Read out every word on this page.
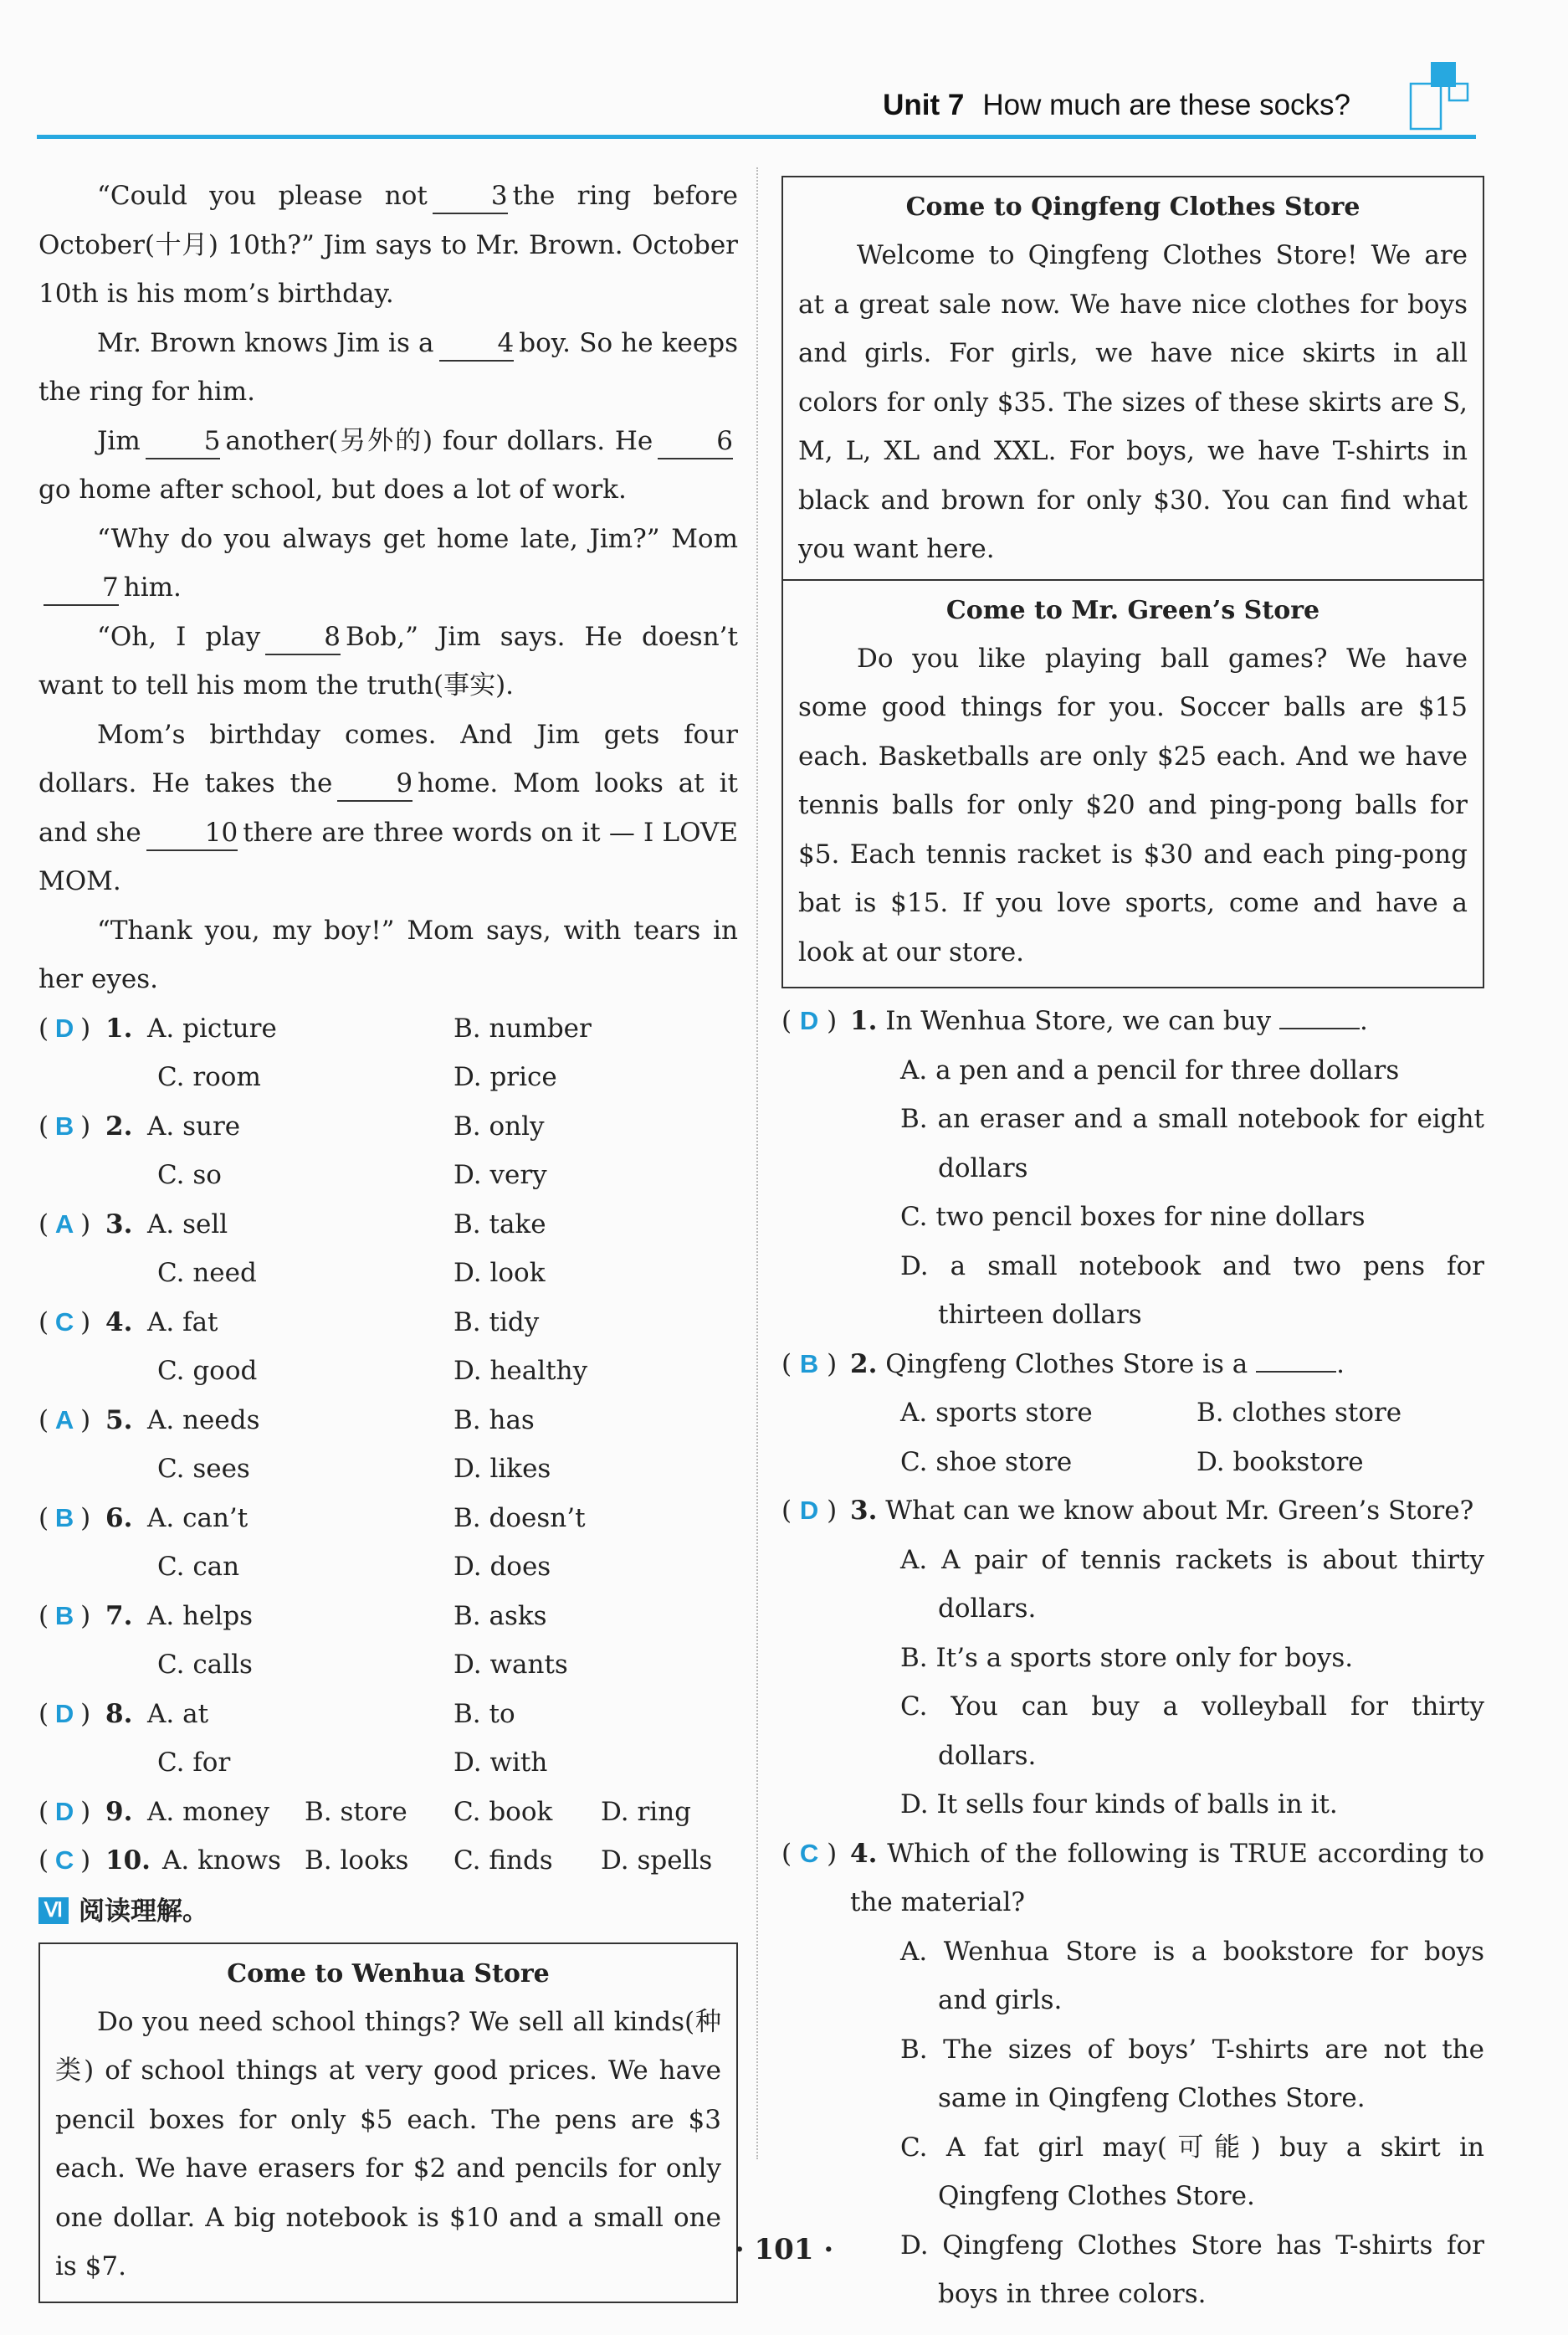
Unit 7 How much are these socks?

“Could you please not 3 the ring before October(十月) 10th?” Jim says to Mr. Brown. October 10th is his mom’s birthday.

Mr. Brown knows Jim is a 4 boy. So he keeps the ring for him.

Jim 5 another(另外的) four dollars. He 6go home after school, but does a lot of work.

“Why do you always get home late, Jim?” Mom 7 him.

“Oh, I play 8 Bob,” Jim says. He doesn’t want to tell his mom the truth(事实).

Mom’s birthday comes. And Jim gets four dollars. He takes the 9 home. Mom looks at it and she 10 there are three words on it — I LOVE MOM.

“Thank you, my boy!” Mom says, with tears in her eyes.

( D ) 1. A. picture	B. number
C. room	D. price
( B ) 2. A. sure	B. only
C. so	D. very
( A ) 3. A. sell	B. take
C. need	D. look
( C ) 4. A. fat	B. tidy
C. good	D. healthy
( A ) 5. A. needs	B. has
C. sees	D. likes
( B ) 6. A. can’t	B. doesn’t
C. can	D. does
( B ) 7. A. helps	B. asks
C. calls	D. wants
( D ) 8. A. at	B. to
C. for	D. with
( D ) 9. A. money B. store C. book D. ring
( C ) 10. A. knows B. looks C. finds D. spells
Ⅵ 阅读理解。
Come to Wenhua Store

Do you need school things? We sell all kinds(种类) of school things at very good prices. We have pencil boxes for only $5 each. The pens are $3 each. We have erasers for $2 and pencils for only one dollar. A big notebook is $10 and a small one is $7.

Come to Qingfeng Clothes Store

Welcome to Qingfeng Clothes Store! We are at a great sale now. We have nice clothes for boys and girls. For girls, we have nice skirts in all colors for only $35. The sizes of these skirts are S, M, L, XL and XXL. For boys, we have T-shirts in black and brown for only $30. You can find what you want here.

Come to Mr. Green’s Store

Do you like playing ball games? We have some good things for you. Soccer balls are $15 each. Basketballs are only $25 each. And we have tennis balls for only $20 and ping-pong balls for $5. Each tennis racket is $30 and each ping-pong bat is $15. If you love sports, come and have a look at our store.

( D ) 1. In Wenhua Store, we can buy	.
A. a pen and a pencil for three dollars
B. an eraser and a small notebook for eight dollars
C. two pencil boxes for nine dollars
D. a small notebook and two pens for thirteen dollars
( B ) 2. Qingfeng Clothes Store is a	.
A. sports store	B. clothes store
C. shoe store	D. bookstore
( D ) 3. What can we know about Mr. Green’s Store?
A. A pair of tennis rackets is about thirty dollars.
B. It’s a sports store only for boys.
C. You can buy a volleyball for thirty dollars.
D. It sells four kinds of balls in it.
( C ) 4. Which of the following is TRUE according to the material?
A. Wenhua Store is a bookstore for boys and girls.
B. The sizes of boys’ T-shirts are not the same in Qingfeng Clothes Store.
C. A fat girl may(可能) buy a skirt in Qingfeng Clothes Store.
D. Qingfeng Clothes Store has T-shirts for boys in three colors.
· 101 ·
